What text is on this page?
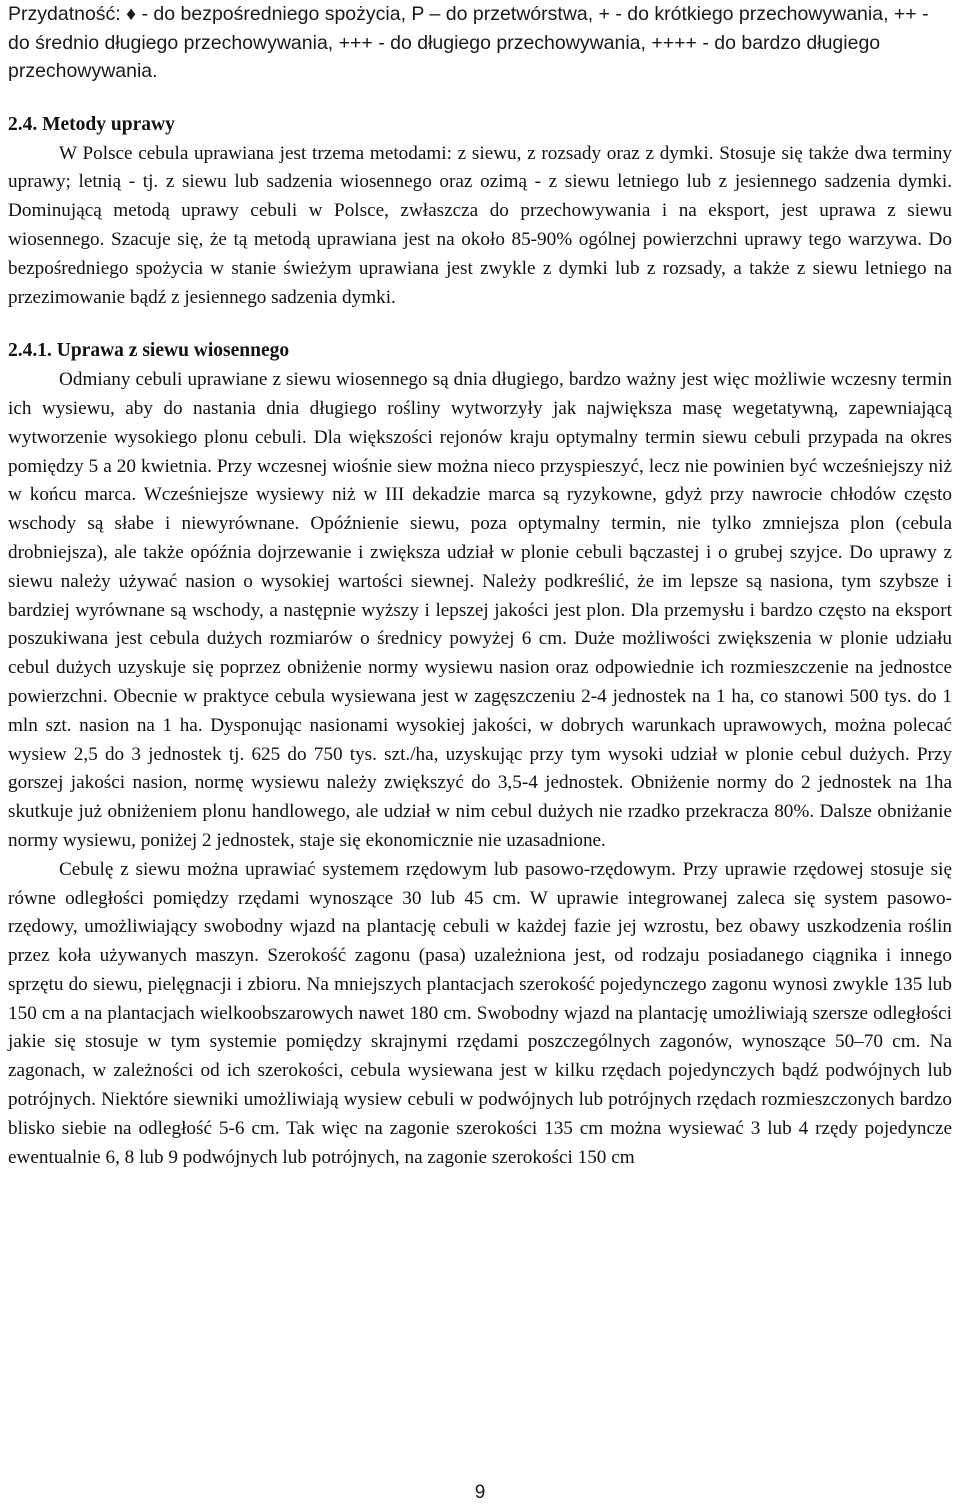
Przydatność: ♦ - do bezpośredniego spożycia, P – do przetwórstwa, + - do krótkiego przechowywania, ++ - do średnio długiego przechowywania, +++ - do długiego przechowywania, ++++ - do bardzo długiego przechowywania.

2.4. Metody uprawy

W Polsce cebula uprawiana jest trzema metodami: z siewu, z rozsady oraz z dymki. Stosuje się także dwa terminy uprawy; letnią - tj. z siewu lub sadzenia wiosennego oraz ozimą - z siewu letniego lub z jesiennego sadzenia dymki. Dominującą metodą uprawy cebuli w Polsce, zwłaszcza do przechowywania i na eksport, jest uprawa z siewu wiosennego. Szacuje się, że tą metodą uprawiana jest na około 85-90% ogólnej powierzchni uprawy tego warzywa. Do bezpośredniego spożycia w stanie świeżym uprawiana jest zwykle z dymki lub z rozsady, a także z siewu letniego na przezimowanie bądź z jesiennego sadzenia dymki.

2.4.1. Uprawa z siewu wiosennego

Odmiany cebuli uprawiane z siewu wiosennego są dnia długiego, bardzo ważny jest więc możliwie wczesny termin ich wysiewu, aby do nastania dnia długiego rośliny wytworzyły jak największa masę wegetatywną, zapewniającą wytworzenie wysokiego plonu cebuli. Dla większości rejonów kraju optymalny termin siewu cebuli przypada na okres pomiędzy 5 a 20 kwietnia. Przy wczesnej wiośnie siew można nieco przyspieszyć, lecz nie powinien być wcześniejszy niż w końcu marca. Wcześniejsze wysiewy niż w III dekadzie marca są ryzykowne, gdyż przy nawrocie chłodów często wschody są słabe i niewyrównane. Opóźnienie siewu, poza optymalny termin, nie tylko zmniejsza plon (cebula drobniejsza), ale także opóźnia dojrzewanie i zwiększa udział w plonie cebuli bączastej i o grubej szyjce. Do uprawy z siewu należy używać nasion o wysokiej wartości siewnej. Należy podkreślić, że im lepsze są nasiona, tym szybsze i bardziej wyrównane są wschody, a następnie wyższy i lepszej jakości jest plon. Dla przemysłu i bardzo często na eksport poszukiwana jest cebula dużych rozmiarów o średnicy powyżej 6 cm. Duże możliwości zwiększenia w plonie udziału cebul dużych uzyskuje się poprzez obniżenie normy wysiewu nasion oraz odpowiednie ich rozmieszczenie na jednostce powierzchni. Obecnie w praktyce cebula wysiewana jest w zagęszczeniu 2-4 jednostek na 1 ha, co stanowi 500 tys. do 1 mln szt. nasion na 1 ha. Dysponując nasionami wysokiej jakości, w dobrych warunkach uprawowych, można polecać wysiew 2,5 do 3 jednostek tj. 625 do 750 tys. szt./ha, uzyskując przy tym wysoki udział w plonie cebul dużych. Przy gorszej jakości nasion, normę wysiewu należy zwiększyć do 3,5-4 jednostek. Obniżenie normy do 2 jednostek na 1ha skutkuje już obniżeniem plonu handlowego, ale udział w nim cebul dużych nie rzadko przekracza 80%. Dalsze obniżanie normy wysiewu, poniżej 2 jednostek, staje się ekonomicznie nie uzasadnione.

Cebulę z siewu można uprawiać systemem rzędowym lub pasowo-rzędowym. Przy uprawie rzędowej stosuje się równe odległości pomiędzy rzędami wynoszące 30 lub 45 cm. W uprawie integrowanej zaleca się system pasowo-rzędowy, umożliwiający swobodny wjazd na plantację cebuli w każdej fazie jej wzrostu, bez obawy uszkodzenia roślin przez koła używanych maszyn. Szerokość zagonu (pasa) uzależniona jest, od rodzaju posiadanego ciągnika i innego sprzętu do siewu, pielęgnacji i zbioru. Na mniejszych plantacjach szerokość pojedynczego zagonu wynosi zwykle 135 lub 150 cm a na plantacjach wielkoobszarowych nawet 180 cm. Swobodny wjazd na plantację umożliwiają szersze odległości jakie się stosuje w tym systemie pomiędzy skrajnymi rzędami poszczególnych zagonów, wynoszące 50–70 cm. Na zagonach, w zależności od ich szerokości, cebula wysiewana jest w kilku rzędach pojedynczych bądź podwójnych lub potrójnych. Niektóre siewniki umożliwiają wysiew cebuli w podwójnych lub potrójnych rzędach rozmieszczonych bardzo blisko siebie na odległość 5-6 cm. Tak więc na zagonie szerokości 135 cm można wysiewać 3 lub 4 rzędy pojedyncze ewentualnie 6, 8 lub 9 podwójnych lub potrójnych, na zagonie szerokości 150 cm

9
